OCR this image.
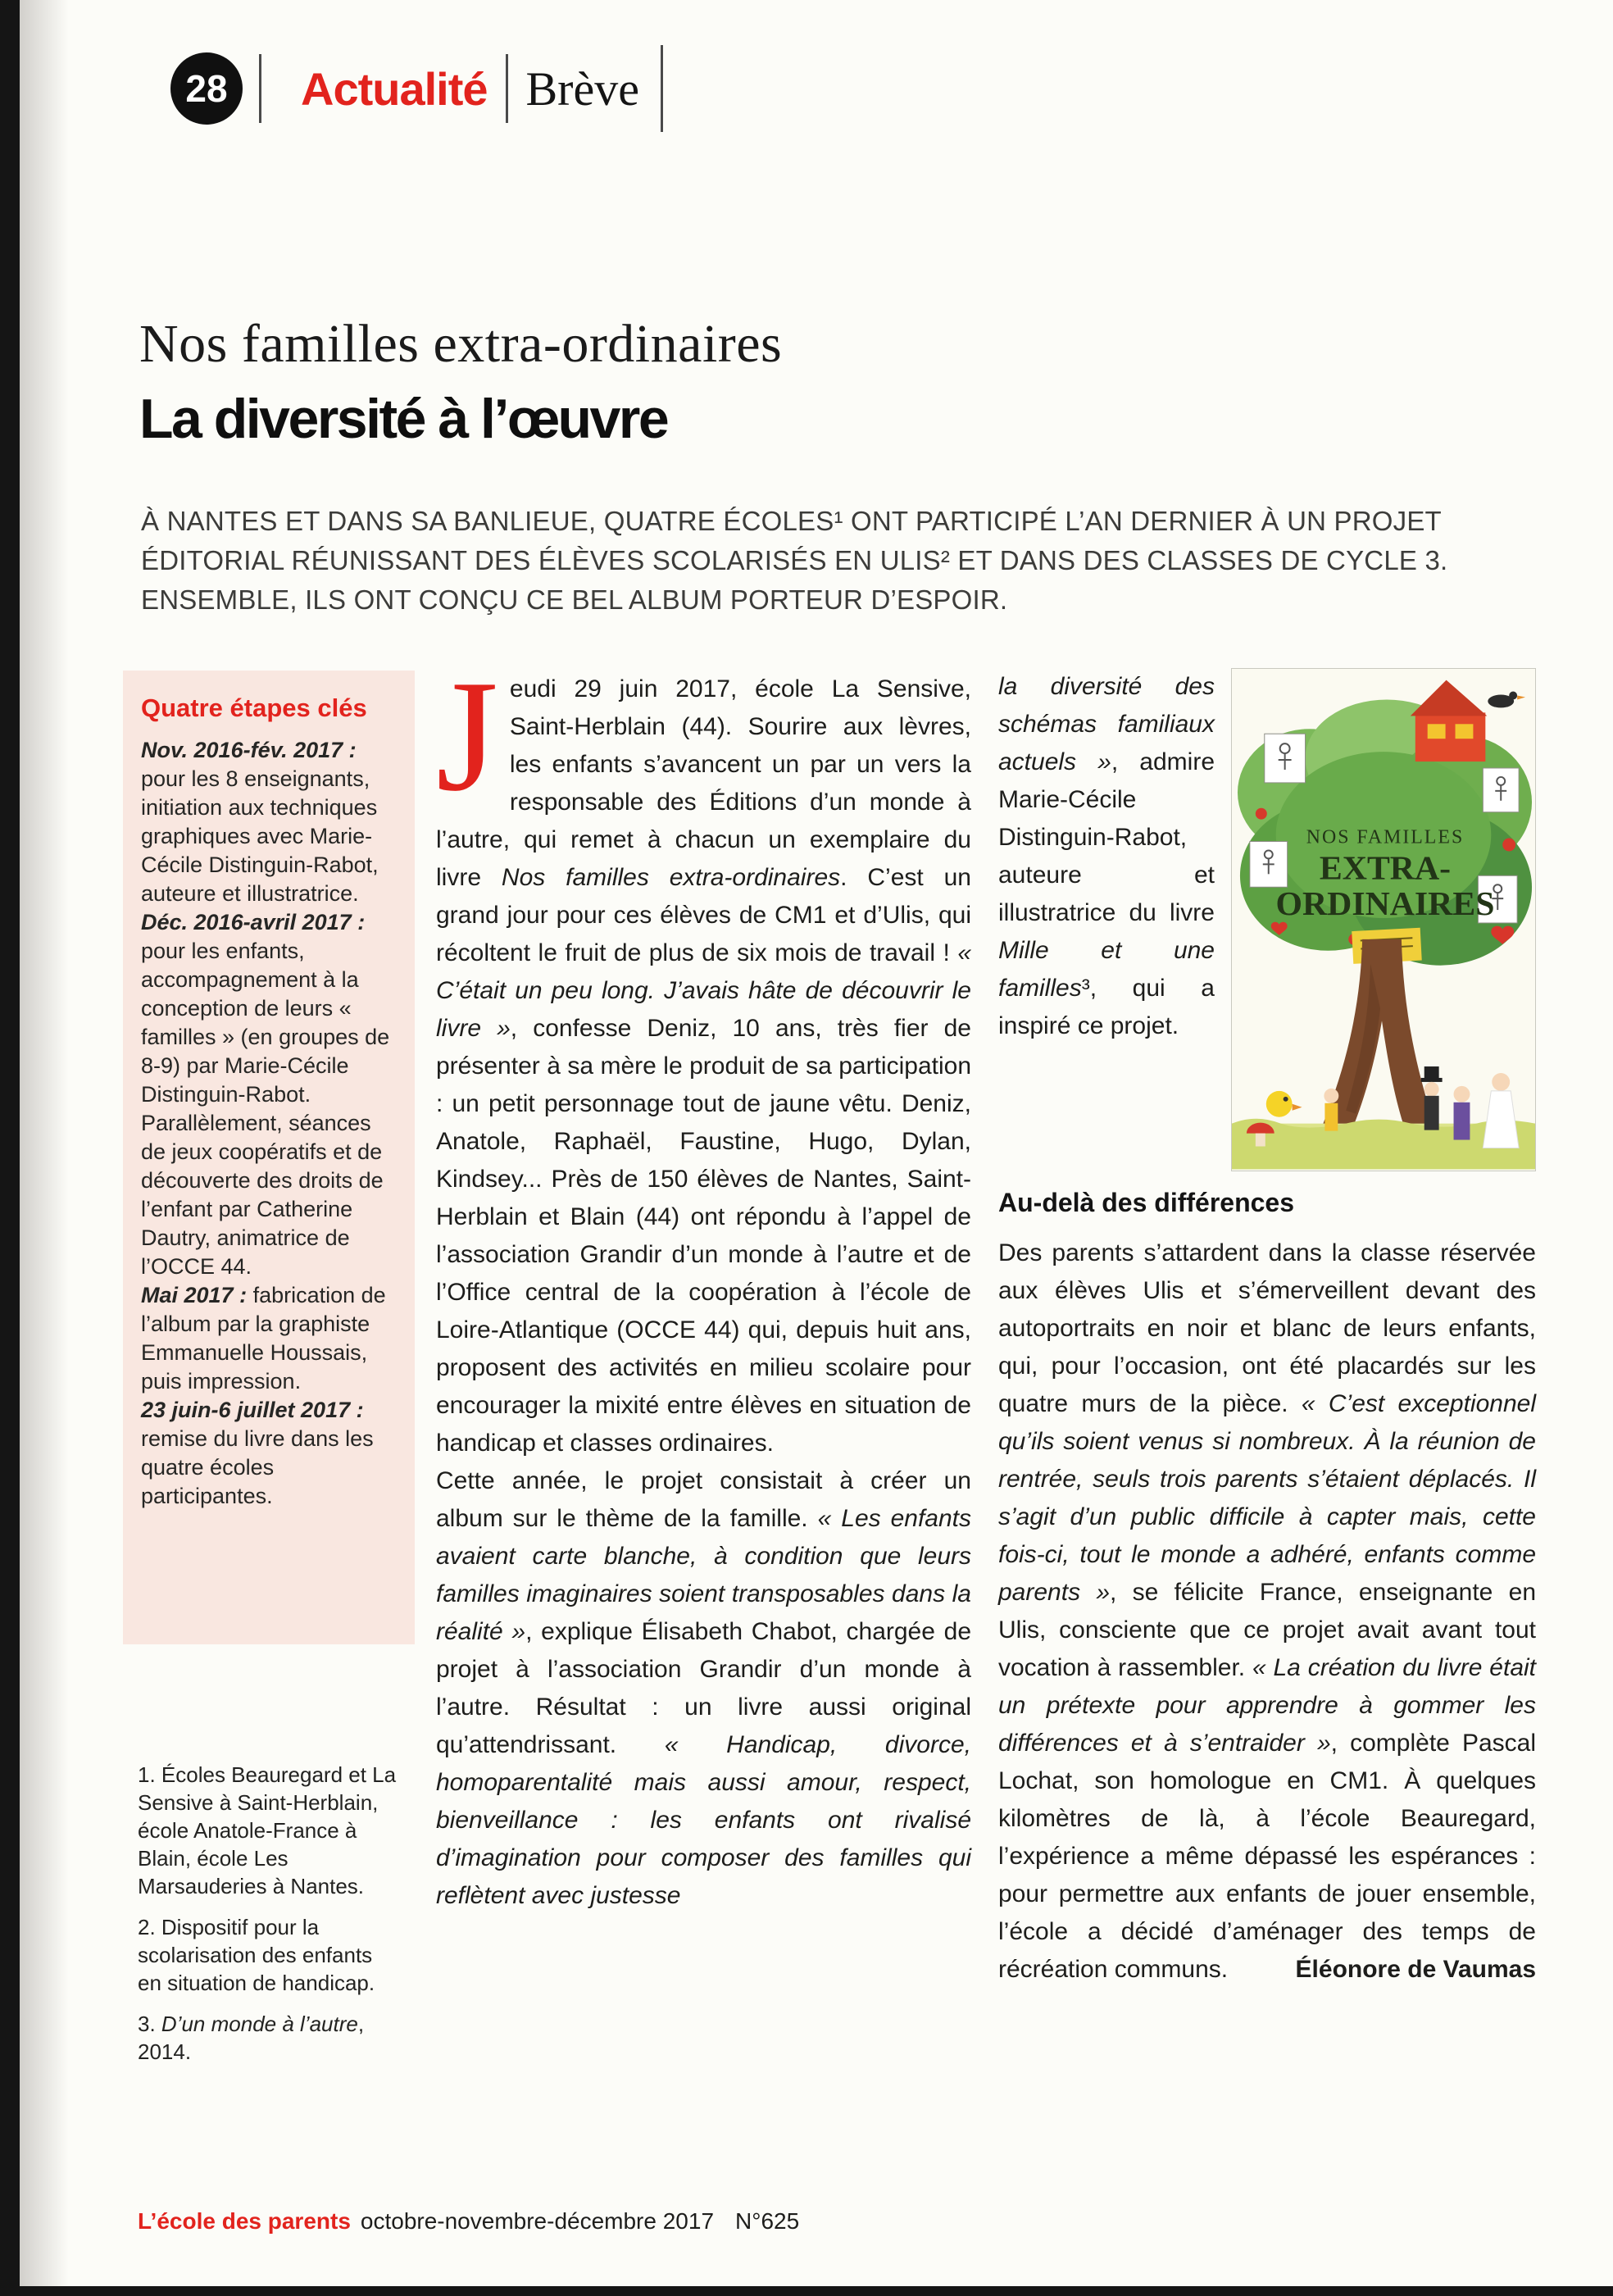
28	Actualité Brève
Nos familles extra-ordinaires
La diversité à l’œuvre
À NANTES ET DANS SA BANLIEUE, QUATRE ÉCOLES¹ ONT PARTICIPÉ L’AN DERNIER À UN PROJET ÉDITORIAL RÉUNISSANT DES ÉLÈVES SCOLARISÉS EN ULIS² ET DANS DES CLASSES DE CYCLE 3. ENSEMBLE, ILS ONT CONÇU CE BEL ALBUM PORTEUR D’ESPOIR.
Quatre étapes clés
Nov. 2016-fév. 2017 : pour les 8 enseignants, initiation aux techniques graphiques avec Marie-Cécile Distinguin-Rabot, auteure et illustratrice.
Déc. 2016-avril 2017 : pour les enfants, accompagnement à la conception de leurs « familles » (en groupes de 8-9) par Marie-Cécile Distinguin-Rabot. Parallèlement, séances de jeux coopératifs et de découverte des droits de l’enfant par Catherine Dautry, animatrice de l’OCCE 44.
Mai 2017 : fabrication de l’album par la graphiste Emmanuelle Houssais, puis impression.
23 juin-6 juillet 2017 : remise du livre dans les quatre écoles participantes.
1. Écoles Beauregard et La Sensive à Saint-Herblain, école Anatole-France à Blain, école Les Marsauderies à Nantes.
2. Dispositif pour la scolarisation des enfants en situation de handicap.
3. D’un monde à l’autre, 2014.

Jeudi 29 juin 2017, école La Sensive, Saint-Herblain (44). Sourire aux lèvres, les enfants s’avancent un par un vers la responsable des Éditions d’un monde à l’autre, qui remet à chacun un exemplaire du livre Nos familles extra-ordinaires. C’est un grand jour pour ces élèves de CM1 et d’Ulis, qui récoltent le fruit de plus de six mois de travail ! « C’était un peu long. J’avais hâte de découvrir le livre », confesse Deniz, 10 ans, très fier de présenter à sa mère le produit de sa participation : un petit personnage tout de jaune vêtu. Deniz, Anatole, Raphaël, Faustine, Hugo, Dylan, Kindsey... Près de 150 élèves de Nantes, Saint-Herblain et Blain (44) ont répondu à l’appel de l’association Grandir d’un monde à l’autre et de l’Office central de la coopération à l’école de Loire-Atlantique (OCCE 44) qui, depuis huit ans, proposent des activités en milieu scolaire pour encourager la mixité entre élèves en situation de handicap et classes ordinaires.

Cette année, le projet consistait à créer un album sur le thème de la famille. « Les enfants avaient carte blanche, à condition que leurs familles imaginaires soient transposables dans la réalité », explique Élisabeth Chabot, chargée de projet à l’association Grandir d’un monde à l’autre. Résultat : un livre aussi original qu’attendrissant. « Handicap, divorce, homoparentalité mais aussi amour, respect, bienveillance : les enfants ont rivalisé d’imagination pour composer des familles qui reflètent avec justesse

NOS FAMILLES
EXTRA-
ORDINAIRES

la diversité des schémas familiaux actuels », admire Marie-Cécile Distinguin-Rabot, auteure et illustratrice du livre Mille et une familles³, qui a inspiré ce projet.

Au-delà des différences

Des parents s’attardent dans la classe réservée aux élèves Ulis et s’émerveillent devant des autoportraits en noir et blanc de leurs enfants, qui, pour l’occasion, ont été placardés sur les quatre murs de la pièce. « C’est exceptionnel qu’ils soient venus si nombreux. À la réunion de rentrée, seuls trois parents s’étaient déplacés. Il s’agit d’un public difficile à capter mais, cette fois-ci, tout le monde a adhéré, enfants comme parents », se félicite France, enseignante en Ulis, consciente que ce projet avait avant tout vocation à rassembler. « La création du livre était un prétexte pour apprendre à gommer les différences et à s’entraider », complète Pascal Lochat, son homologue en CM1. À quelques kilomètres de là, à l’école Beauregard, l’expérience a même dépassé les espérances : pour permettre aux enfants de jouer ensemble, l’école a décidé d’aménager des temps de récréation communs.	Éléonore de Vaumas

L’école des parents octobre-novembre-décembre 2017 N°625
